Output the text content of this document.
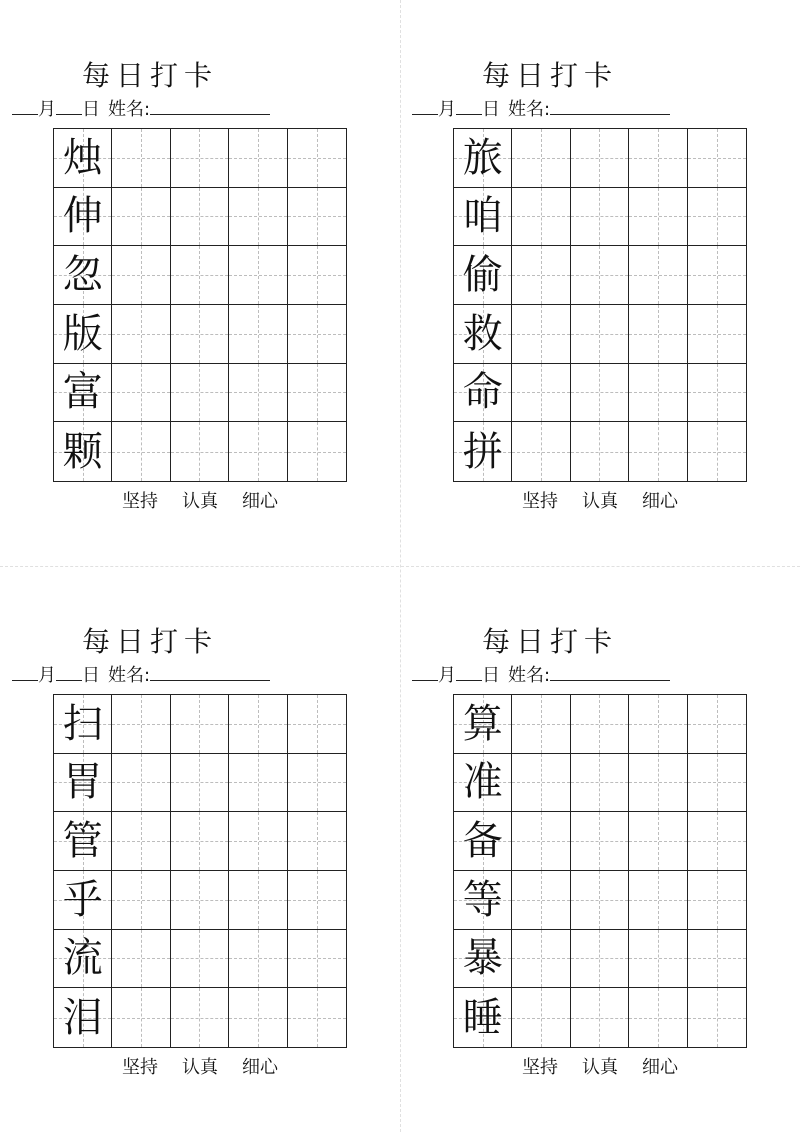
每日打卡
月 日 姓名:
烛
伸
忽
版
富
颗
坚持 认真 细心
每日打卡
月 日 姓名:
旅
咱
偷
救
命
拼
坚持 认真 细心
每日打卡
月 日 姓名:
扫
胃
管
乎
流
泪
坚持 认真 细心
每日打卡
月 日 姓名:
算
准
备
等
暴
睡
坚持 认真 细心
